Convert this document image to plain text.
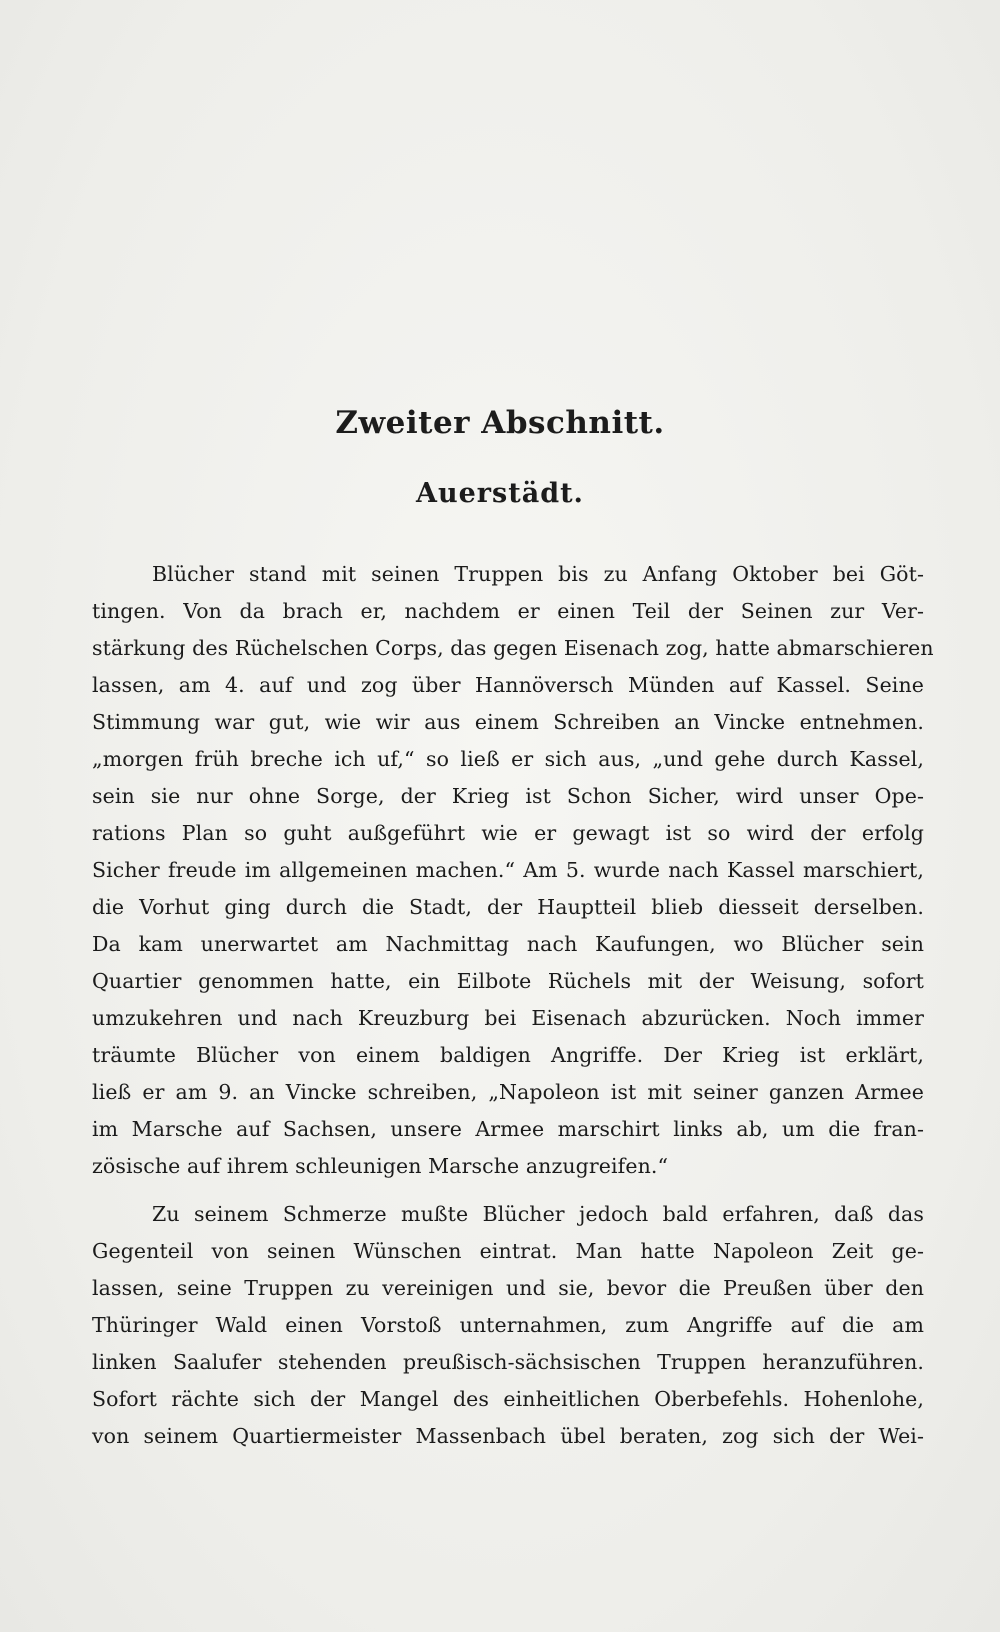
Zweiter Abschnitt.
Auerstädt.
Blücher stand mit seinen Truppen bis zu Anfang Oktober bei Göt-
tingen. Von da brach er, nachdem er einen Teil der Seinen zur Ver-
stärkung des Rüchelschen Corps, das gegen Eisenach zog, hatte abmarschieren
lassen, am 4. auf und zog über Hannöversch Münden auf Kassel. Seine
Stimmung war gut, wie wir aus einem Schreiben an Vincke entnehmen.
„morgen früh breche ich uf,“ so ließ er sich aus, „und gehe durch Kassel,
sein sie nur ohne Sorge, der Krieg ist Schon Sicher, wird unser Ope-
rations Plan so guht außgeführt wie er gewagt ist so wird der erfolg
Sicher freude im allgemeinen machen.“ Am 5. wurde nach Kassel marschiert,
die Vorhut ging durch die Stadt, der Hauptteil blieb diesseit derselben.
Da kam unerwartet am Nachmittag nach Kaufungen, wo Blücher sein
Quartier genommen hatte, ein Eilbote Rüchels mit der Weisung, sofort
umzukehren und nach Kreuzburg bei Eisenach abzurücken. Noch immer
träumte Blücher von einem baldigen Angriffe. Der Krieg ist erklärt,
ließ er am 9. an Vincke schreiben, „Napoleon ist mit seiner ganzen Armee
im Marsche auf Sachsen, unsere Armee marschirt links ab, um die fran-
zösische auf ihrem schleunigen Marsche anzugreifen.“
Zu seinem Schmerze mußte Blücher jedoch bald erfahren, daß das
Gegenteil von seinen Wünschen eintrat. Man hatte Napoleon Zeit ge-
lassen, seine Truppen zu vereinigen und sie, bevor die Preußen über den
Thüringer Wald einen Vorstoß unternahmen, zum Angriffe auf die am
linken Saalufer stehenden preußisch-sächsischen Truppen heranzuführen.
Sofort rächte sich der Mangel des einheitlichen Oberbefehls. Hohenlohe,
von seinem Quartiermeister Massenbach übel beraten, zog sich der Wei-
